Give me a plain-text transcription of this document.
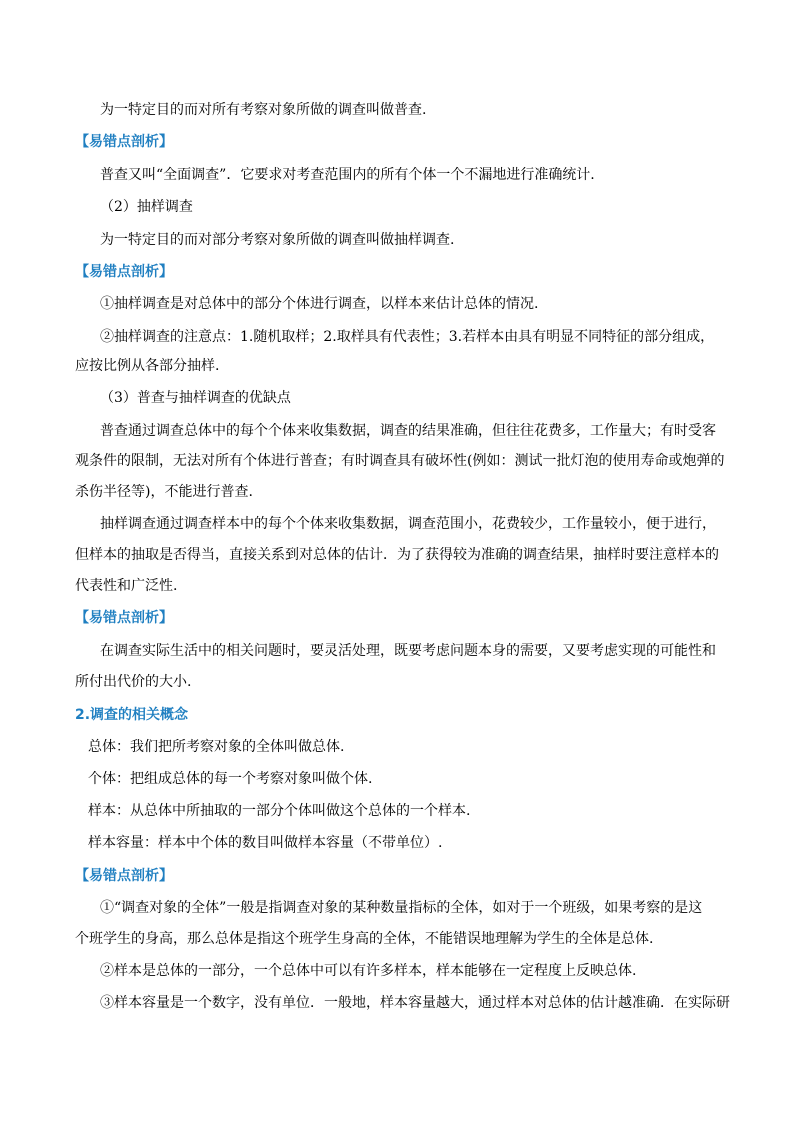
为一特定目的而对所有考察对象所做的调查叫做普查.
【易错点剖析】
普查又叫“全面调查”．它要求对考查范围内的所有个体一个不漏地进行准确统计.
（2）抽样调查
为一特定目的而对部分考察对象所做的调查叫做抽样调查.
【易错点剖析】
①抽样调查是对总体中的部分个体进行调查，以样本来估计总体的情况.
②抽样调查的注意点：1.随机取样；2.取样具有代表性；3.若样本由具有明显不同特征的部分组成，
应按比例从各部分抽样.
（3）普查与抽样调查的优缺点
普查通过调查总体中的每个个体来收集数据，调查的结果准确，但往往花费多，工作量大；有时受客
观条件的限制，无法对所有个体进行普查；有时调查具有破坏性(例如：测试一批灯泡的使用寿命或炮弹的
杀伤半径等)，不能进行普查.
抽样调查通过调查样本中的每个个体来收集数据，调查范围小，花费较少，工作量较小，便于进行，
但样本的抽取是否得当，直接关系到对总体的估计．为了获得较为准确的调查结果，抽样时要注意样本的
代表性和广泛性.
【易错点剖析】
在调查实际生活中的相关问题时，要灵活处理，既要考虑问题本身的需要，又要考虑实现的可能性和
所付出代价的大小.
2.调查的相关概念
总体：我们把所考察对象的全体叫做总体.
个体：把组成总体的每一个考察对象叫做个体.
样本：从总体中所抽取的一部分个体叫做这个总体的一个样本.
样本容量：样本中个体的数目叫做样本容量（不带单位）.
【易错点剖析】
①“调查对象的全体”一般是指调查对象的某种数量指标的全体，如对于一个班级，如果考察的是这
个班学生的身高，那么总体是指这个班学生身高的全体，不能错误地理解为学生的全体是总体.
②样本是总体的一部分，一个总体中可以有许多样本，样本能够在一定程度上反映总体.
③样本容量是一个数字，没有单位．一般地，样本容量越大，通过样本对总体的估计越准确．在实际研
